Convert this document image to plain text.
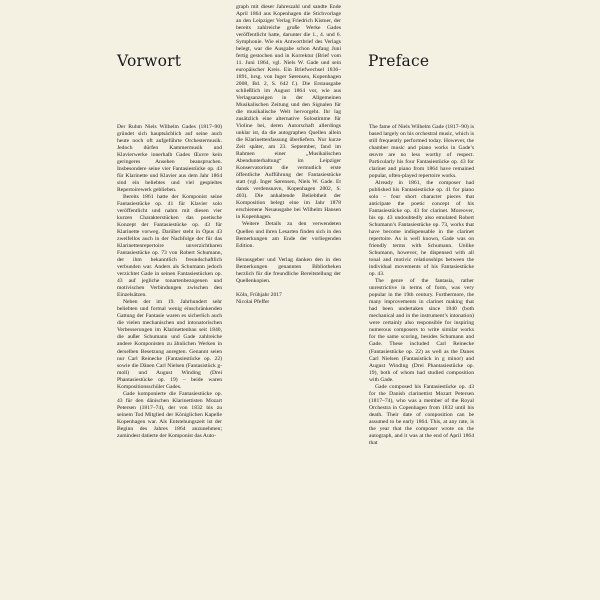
Vorwort	Preface

Der Ruhm Niels Wilhelm Gades (1817–90) gründet sich hauptsächlich auf seine auch heute noch oft aufgeführte Orchestermusik. Jedoch dürfen Kammermusik und Klavierwerke innerhalb Gades Œuvre kein geringeres Ansehen beanspruchen. Insbesondere seine vier Fantasiestücke op. 43 für Klarinette und Klavier aus dem Jahr 1864 sind ein beliebtes und viel gespieltes Repertoirewerk geblieben.

Bereits 1861 hatte der Komponist seine Fantasiestücke op. 41 für Klavier solo veröffentlicht und nahm mit diesen vier kurzen Charakterstücken das poetische Konzept der Fantasiestücke op. 43 für Klarinette vorweg. Darüber steht in Opus 43 zweifellos auch in der Nachfolge der für das Klarinettenrepertoire unverzichtbaren Fantasiestücke op. 73 von Robert Schumann, der ihm bekanntlich freundschaftlich verbunden war. Anders als Schumann jedoch verzichtet Gade in seinen Fantasiestücken op. 43 auf jegliche tonartenbezogenen und motivischen Verbindungen zwischen den Einzelsätzen.

Neben der im 19. Jahrhundert sehr beliebten und formal wenig einschränkenden Gattung der Fantasie waren es sicherlich auch die vielen mechanischen und intonatorischen Verbesserungen im Klarinettenbau seit 1840, die außer Schumann und Gade zahlreiche andere Komponisten zu ähnlichen Werken in derselben Besetzung anregten. Genannt seien nur Carl Reinecke (Fantasiestücke op. 22) sowie die Dänen Carl Nielsen (Fantasistück g-moll) und August Winding (Drei Phantasiestücke op. 19) – beide waren Kompositionsschüler Gades.

Gade komponierte die Fantasiestücke op. 43 für den dänischen Klarinettisten Mozart Petersen (1817–74), der von 1832 bis zu seinem Tod Mitglied der Königlichen Kapelle Kopenhagen war. Als Entstehungszeit ist der Beginn des Jahres 1864 anzunehmen; zumindest datierte der Komponist das Auto-

graph mit dieser Jahreszahl und sandte Ende April 1864 aus Kopenhagen die Stichvorlage an den Leipziger Verlag Friedrich Kistner, der bereits zahlreiche große Werke Gades veröffentlicht hatte, darunter die 1., 4. und 6. Symphonie. Wie ein Antwortbrief des Verlags belegt, war die Ausgabe schon Anfang Juni fertig gestochen und in Korrektur (Brief vom 11. Juni 1864, vgl. Niels W. Gade und sein europäischer Kreis. Ein Briefwechsel 1836–1891, hrsg. von Inger Sørensen, Kopenhagen 2008, Bd. 2, S. 642 f.). Die Erstausgabe schließlich im August 1864 vor, wie aus Verlagsanzeigen in der Allgemeinen Musikalischen Zeitung und den Signalen für die musikalische Welt hervorgeht. Ihr lag zusätzlich eine alternative Solostimme für Violine bei, deren Autorschaft allerdings unklar ist, da die autographen Quellen allein die Klarinettenfassung überliefern. Nur kurze Zeit später, am 23. September, fand im Rahmen einer „Musikalischen Abendunterhaltung“ im Leipziger Konservatorium die vermutlich erste öffentliche Aufführung der Fantasiestücke statt (vgl. Inger Sørensen, Niels W. Gade. Et dansk verdensnavn, Kopenhagen 2002, S. 403). Die anhaltende Beliebtheit der Komposition belegt eine im Jahr 1878 erschienene Neuausgabe bei Wilhelm Hansen in Kopenhagen.

Weitere Details zu den verwendeten Quellen und ihren Lesarten finden sich in den Bemerkungen am Ende der vorliegenden Edition.

Herausgeber und Verlag danken den in den Bemerkungen genannten Bibliotheken herzlich für die freundliche Bereitstellung der Quellenkopien.

Köln, Frühjahr 2017

Nicolai Pfeffer

The fame of Niels Wilhelm Gade (1817–90) is based largely on his orchestral music, which is still frequently performed today. However, the chamber music and piano works in Gade’s œuvre are no less worthy of respect. Particularly his four Fantasiestücke op. 43 for clarinet and piano from 1864 have remained popular, often-played repertoire works.

Already in 1861, the composer had published his Fantasiestücke op. 41 for piano solo – four short character pieces that anticipate the poetic concept of his Fantasiestücke op. 43 for clarinet. Moreover, his op. 43 undoubtedly also emulated Robert Schumann’s Fantasiestücke op. 73, works that have become indispensable in the clarinet repertoire. As is well known, Gade was on friendly terms with Schumann. Unlike Schumann, however, he dispensed with all tonal and motivic relationships between the individual movements of his Fantasiestücke op. 43.

The genre of the fantasia, rather unrestrictive in terms of form, was very popular in the 19th century. Furthermore, the many improvements in clarinet making that had been undertaken since 1840 (both mechanical and in the instrument’s intonation) were certainly also responsible for inspiring numerous composers to write similar works for the same scoring, besides Schumann and Gade. These included Carl Reinecke (Fantasiestücke op. 22) as well as the Danes Carl Nielsen (Fantasistück in g minor) and August Winding (Drei Phantasiestücke op. 19), both of whom had studied composition with Gade.

Gade composed his Fantasiestücke op. 43 for the Danish clarinettist Mozart Petersen (1817–74), who was a member of the Royal Orchestra in Copenhagen from 1832 until his death. Their date of composition can be assumed to be early 1864. This, at any rate, is the year that the composer wrote on the autograph, and it was at the end of April 1864 that
